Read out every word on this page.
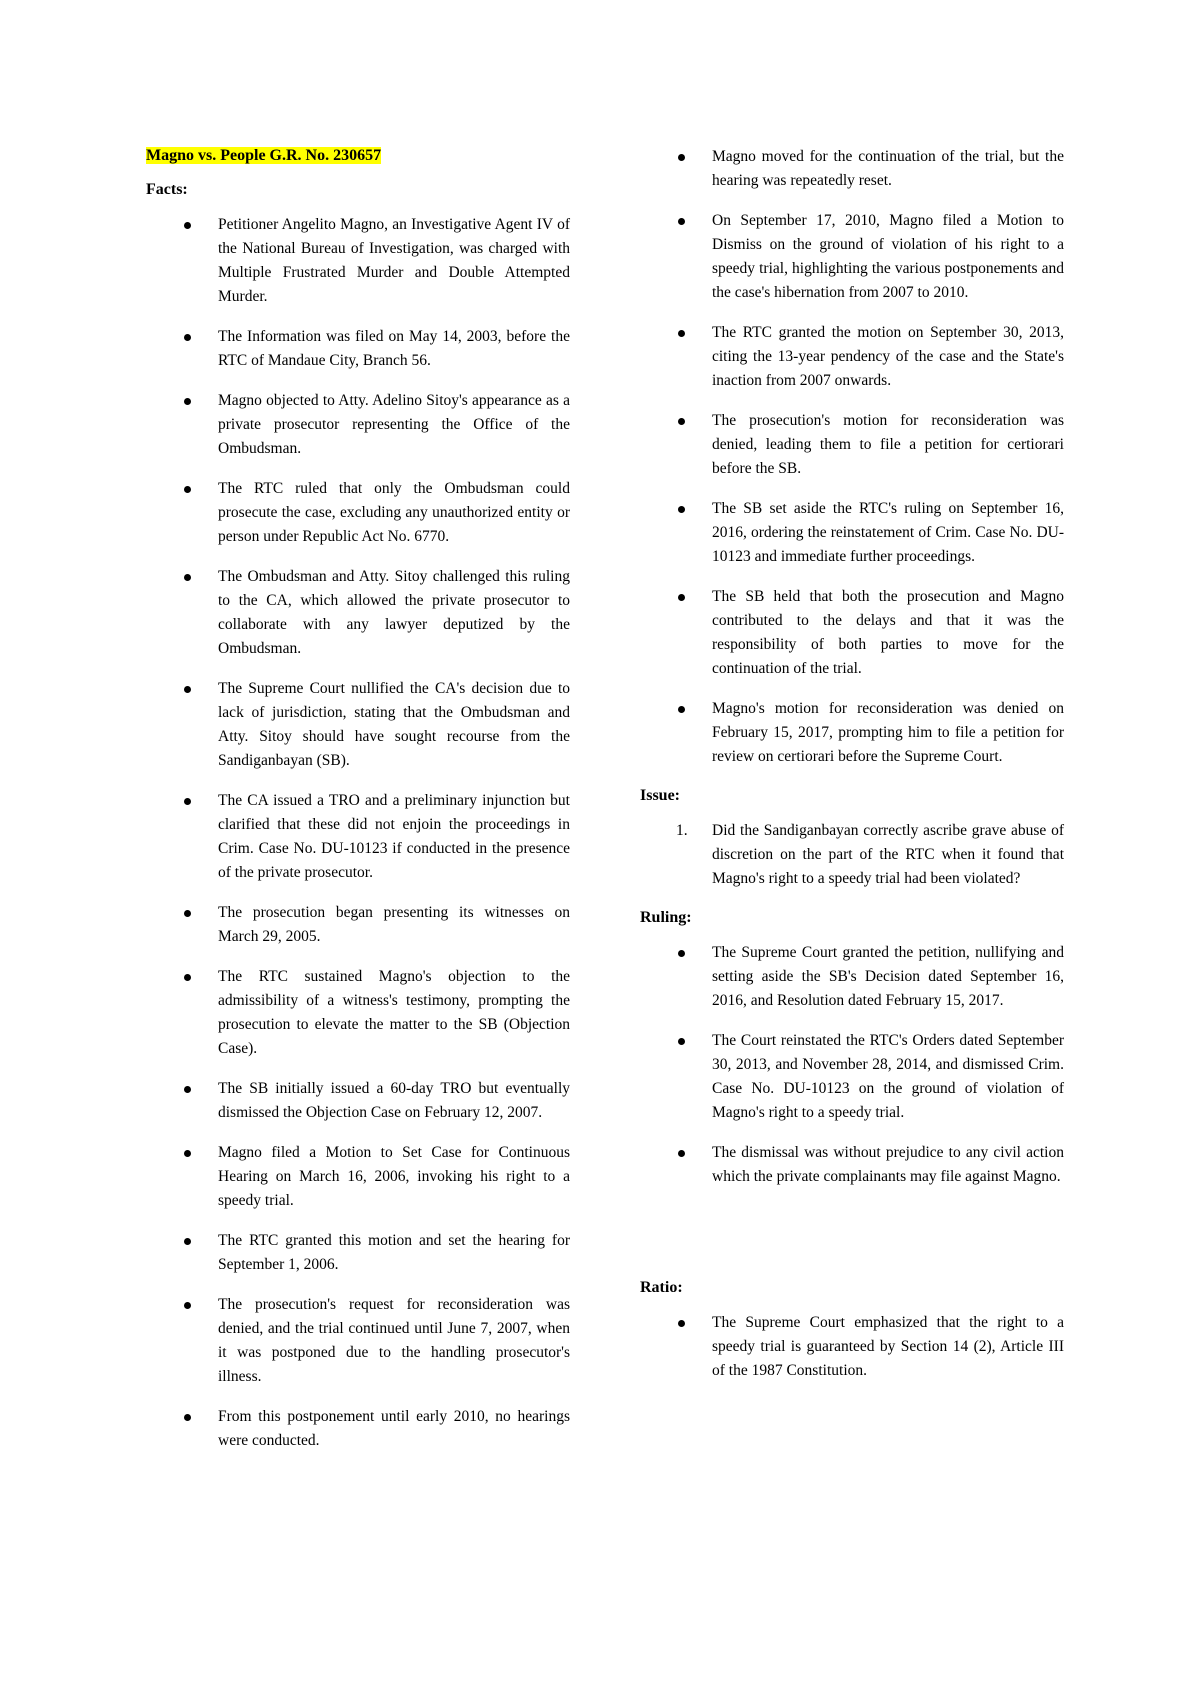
Magno vs. People G.R. No. 230657

Facts:
Petitioner Angelito Magno, an Investigative Agent IV of the National Bureau of Investigation, was charged with Multiple Frustrated Murder and Double Attempted Murder.
The Information was filed on May 14, 2003, before the RTC of Mandaue City, Branch 56.
Magno objected to Atty. Adelino Sitoy's appearance as a private prosecutor representing the Office of the Ombudsman.
The RTC ruled that only the Ombudsman could prosecute the case, excluding any unauthorized entity or person under Republic Act No. 6770.
The Ombudsman and Atty. Sitoy challenged this ruling to the CA, which allowed the private prosecutor to collaborate with any lawyer deputized by the Ombudsman.
The Supreme Court nullified the CA's decision due to lack of jurisdiction, stating that the Ombudsman and Atty. Sitoy should have sought recourse from the Sandiganbayan (SB).
The CA issued a TRO and a preliminary injunction but clarified that these did not enjoin the proceedings in Crim. Case No. DU-10123 if conducted in the presence of the private prosecutor.
The prosecution began presenting its witnesses on March 29, 2005.
The RTC sustained Magno's objection to the admissibility of a witness's testimony, prompting the prosecution to elevate the matter to the SB (Objection Case).
The SB initially issued a 60-day TRO but eventually dismissed the Objection Case on February 12, 2007.
Magno filed a Motion to Set Case for Continuous Hearing on March 16, 2006, invoking his right to a speedy trial.
The RTC granted this motion and set the hearing for September 1, 2006.
The prosecution's request for reconsideration was denied, and the trial continued until June 7, 2007, when it was postponed due to the handling prosecutor's illness.
From this postponement until early 2010, no hearings were conducted.
Magno moved for the continuation of the trial, but the hearing was repeatedly reset.
On September 17, 2010, Magno filed a Motion to Dismiss on the ground of violation of his right to a speedy trial, highlighting the various postponements and the case's hibernation from 2007 to 2010.
The RTC granted the motion on September 30, 2013, citing the 13-year pendency of the case and the State's inaction from 2007 onwards.
The prosecution's motion for reconsideration was denied, leading them to file a petition for certiorari before the SB.
The SB set aside the RTC's ruling on September 16, 2016, ordering the reinstatement of Crim. Case No. DU-10123 and immediate further proceedings.
The SB held that both the prosecution and Magno contributed to the delays and that it was the responsibility of both parties to move for the continuation of the trial.
Magno's motion for reconsideration was denied on February 15, 2017, prompting him to file a petition for review on certiorari before the Supreme Court.
Issue:
1. Did the Sandiganbayan correctly ascribe grave abuse of discretion on the part of the RTC when it found that Magno's right to a speedy trial had been violated?
Ruling:
The Supreme Court granted the petition, nullifying and setting aside the SB's Decision dated September 16, 2016, and Resolution dated February 15, 2017.
The Court reinstated the RTC's Orders dated September 30, 2013, and November 28, 2014, and dismissed Crim. Case No. DU-10123 on the ground of violation of Magno's right to a speedy trial.
The dismissal was without prejudice to any civil action which the private complainants may file against Magno.
Ratio:
The Supreme Court emphasized that the right to a speedy trial is guaranteed by Section 14 (2), Article III of the 1987 Constitution.
